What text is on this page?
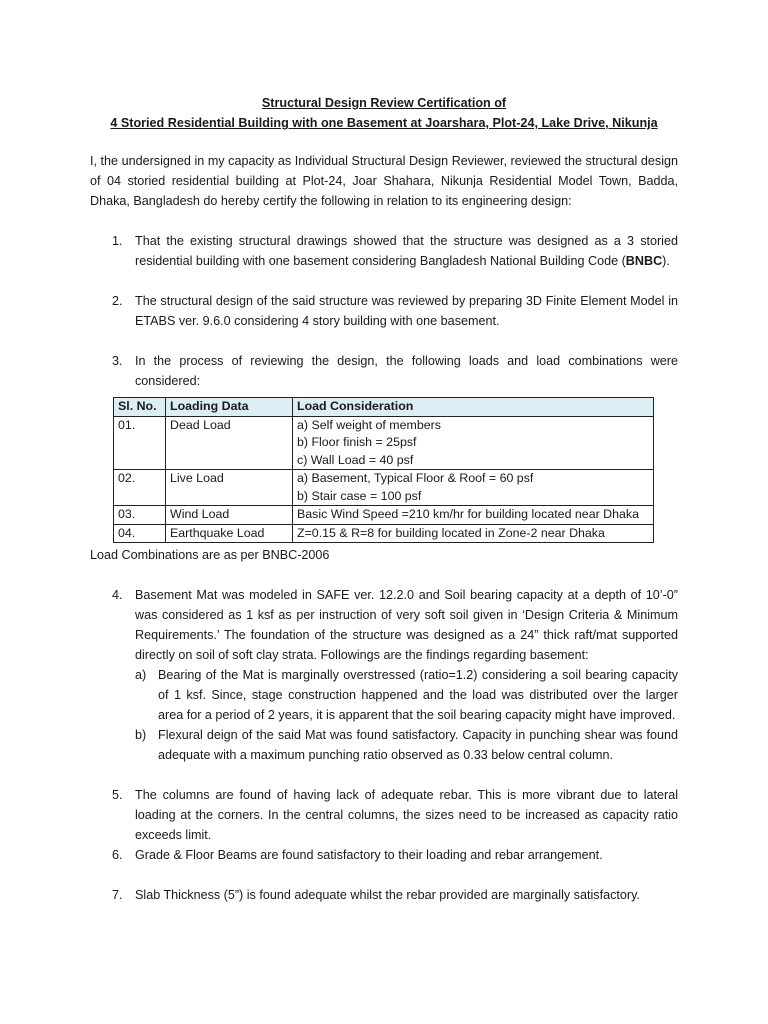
Structural Design Review Certification of

4 Storied Residential Building with one Basement at Joarshara, Plot-24, Lake Drive, Nikunja

I, the undersigned in my capacity as Individual Structural Design Reviewer, reviewed the structural design of 04 storied residential building at Plot-24, Joar Shahara, Nikunja Residential Model Town, Badda, Dhaka, Bangladesh do hereby certify the following in relation to its engineering design:

1. That the existing structural drawings showed that the structure was designed as a 3 storied residential building with one basement considering Bangladesh National Building Code (BNBC).
2. The structural design of the said structure was reviewed by preparing 3D Finite Element Model in ETABS ver. 9.6.0 considering 4 story building with one basement.
3. In the process of reviewing the design, the following loads and load combinations were considered:
Sl. No.	Loading Data	Load Consideration
01.	Dead Load	a) Self weight of members
b) Floor finish = 25psf
c) Wall Load = 40 psf

02.	Live Load	a) Basement, Typical Floor & Roof = 60 psf
b) Stair case = 100 psf

03.	Wind Load	Basic Wind Speed =210 km/hr for building located near Dhaka
04.	Earthquake Load	Z=0.15 & R=8 for building located in Zone-2 near Dhaka
Load Combinations are as per BNBC-2006
4. Basement Mat was modeled in SAFE ver. 12.2.0 and Soil bearing capacity at a depth of 10’-0” was considered as 1 ksf as per instruction of very soft soil given in ‘Design Criteria & Minimum Requirements.’ The foundation of the structure was designed as a 24” thick raft/mat supported directly on soil of soft clay strata. Followings are the findings regarding basement:
a) Bearing of the Mat is marginally overstressed (ratio=1.2) considering a soil bearing capacity of 1 ksf. Since, stage construction happened and the load was distributed over the larger area for a period of 2 years, it is apparent that the soil bearing capacity might have improved.
b) Flexural deign of the said Mat was found satisfactory. Capacity in punching shear was found adequate with a maximum punching ratio observed as 0.33 below central column.
5. The columns are found of having lack of adequate rebar. This is more vibrant due to lateral loading at the corners. In the central columns, the sizes need to be increased as capacity ratio exceeds limit.
6. Grade & Floor Beams are found satisfactory to their loading and rebar arrangement.
7. Slab Thickness (5”) is found adequate whilst the rebar provided are marginally satisfactory.
